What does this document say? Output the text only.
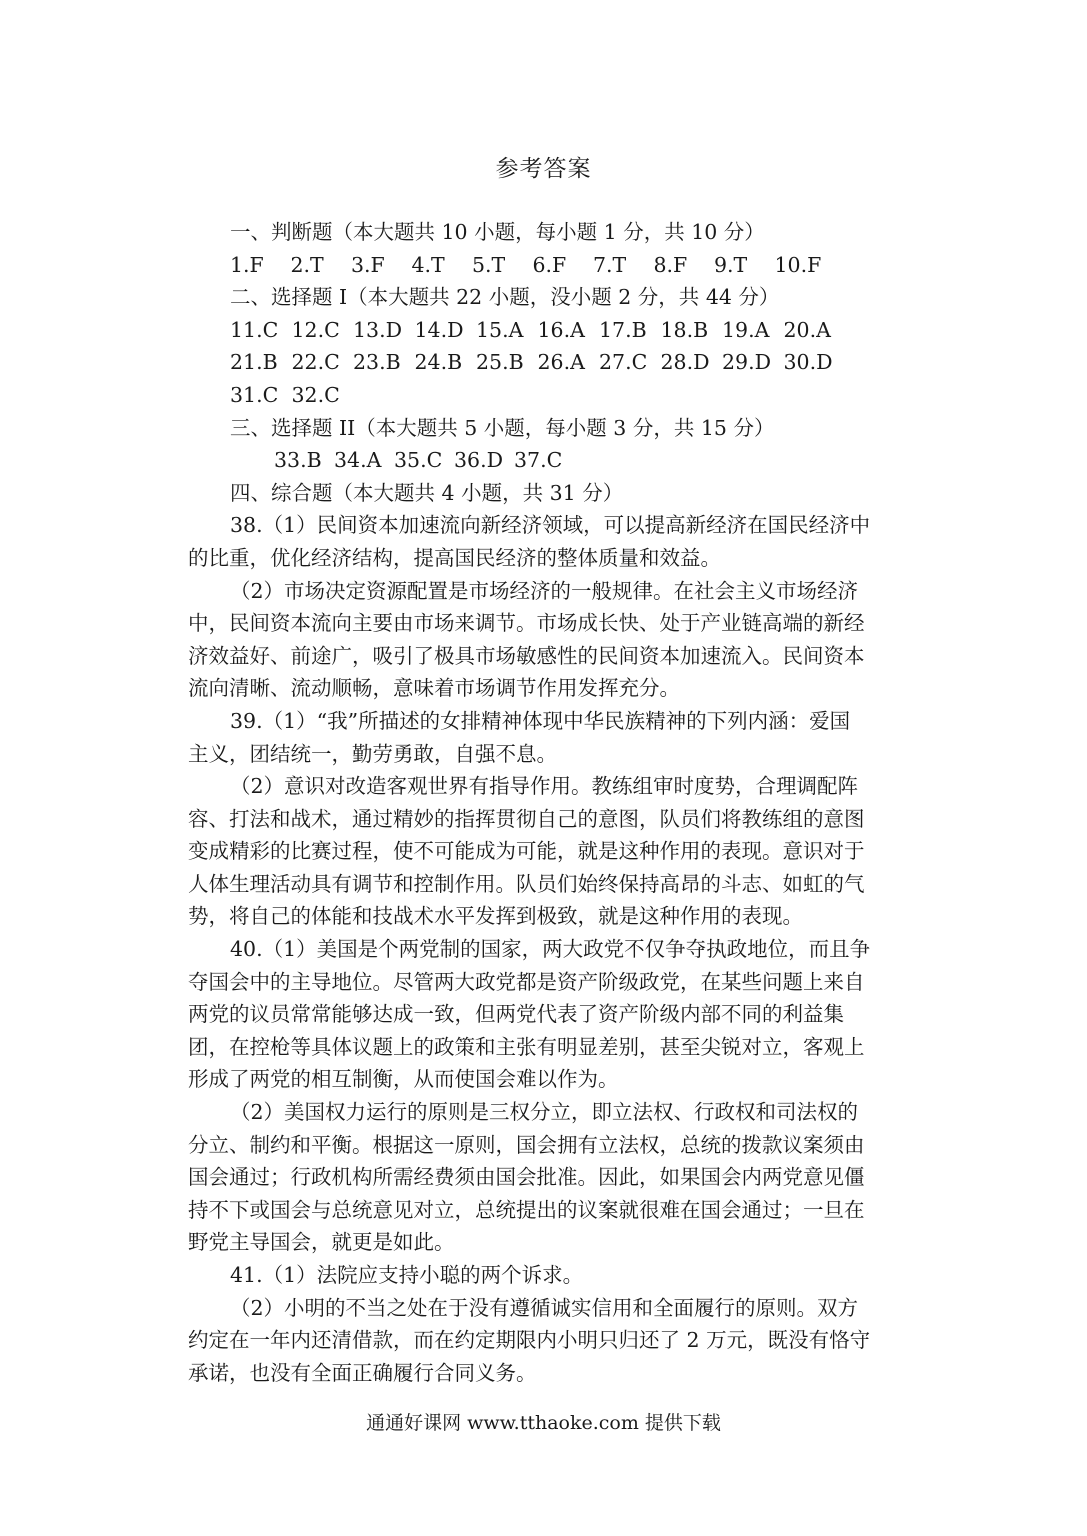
参考答案
一、判断题（本大题共 10 小题，每小题 1 分，共 10 分）
1.F 2.T 3.F 4.T 5.T 6.F 7.T 8.F 9.T 10.F
二、选择题 I（本大题共 22 小题，没小题 2 分，共 44 分）
11.C 12.C 13.D 14.D 15.A 16.A 17.B 18.B 19.A 20.A
21.B 22.C 23.B 24.B 25.B 26.A 27.C 28.D 29.D 30.D
31.C 32.C
三、选择题 II（本大题共 5 小题，每小题 3 分，共 15 分）
33.B 34.A 35.C 36.D 37.C
四、综合题（本大题共 4 小题，共 31 分）
38.（1）民间资本加速流向新经济领域，可以提高新经济在国民经济中
的比重，优化经济结构，提高国民经济的整体质量和效益。
（2）市场决定资源配置是市场经济的一般规律。在社会主义市场经济
中，民间资本流向主要由市场来调节。市场成长快、处于产业链高端的新经
济效益好、前途广，吸引了极具市场敏感性的民间资本加速流入。民间资本
流向清晰、流动顺畅，意味着市场调节作用发挥充分。
39.（1）“我”所描述的女排精神体现中华民族精神的下列内涵：爱国
主义，团结统一，勤劳勇敢，自强不息。
（2）意识对改造客观世界有指导作用。教练组审时度势，合理调配阵
容、打法和战术，通过精妙的指挥贯彻自己的意图，队员们将教练组的意图
变成精彩的比赛过程，使不可能成为可能，就是这种作用的表现。意识对于
人体生理活动具有调节和控制作用。队员们始终保持高昂的斗志、如虹的气
势，将自己的体能和技战术水平发挥到极致，就是这种作用的表现。
40.（1）美国是个两党制的国家，两大政党不仅争夺执政地位，而且争
夺国会中的主导地位。尽管两大政党都是资产阶级政党，在某些问题上来自
两党的议员常常能够达成一致，但两党代表了资产阶级内部不同的利益集
团，在控枪等具体议题上的政策和主张有明显差别，甚至尖锐对立，客观上
形成了两党的相互制衡，从而使国会难以作为。
（2）美国权力运行的原则是三权分立，即立法权、行政权和司法权的
分立、制约和平衡。根据这一原则，国会拥有立法权，总统的拨款议案须由
国会通过；行政机构所需经费须由国会批准。因此，如果国会内两党意见僵
持不下或国会与总统意见对立，总统提出的议案就很难在国会通过；一旦在
野党主导国会，就更是如此。
41.（1）法院应支持小聪的两个诉求。
（2）小明的不当之处在于没有遵循诚实信用和全面履行的原则。双方
约定在一年内还清借款，而在约定期限内小明只归还了 2 万元，既没有恪守
承诺，也没有全面正确履行合同义务。
通通好课网 www.tthaoke.com 提供下载
